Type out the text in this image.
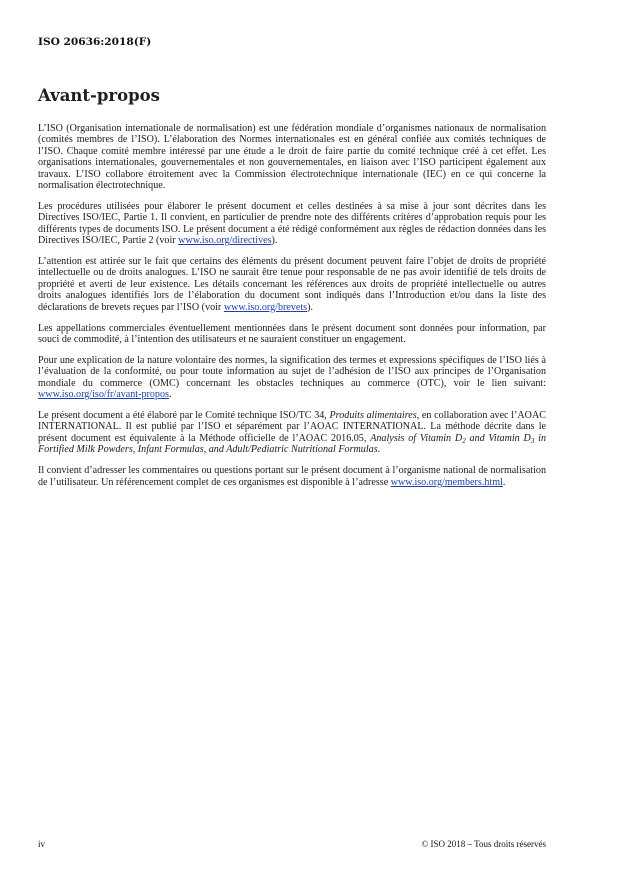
ISO 20636:2018(F)
Avant-propos

L’ISO (Organisation internationale de normalisation) est une fédération mondiale d’organismes nationaux de normalisation (comités membres de l’ISO). L’élaboration des Normes internationales est en général confiée aux comités techniques de l’ISO. Chaque comité membre intéressé par une étude a le droit de faire partie du comité technique créé à cet effet. Les organisations internationales, gouvernementales et non gouvernementales, en liaison avec l’ISO participent également aux travaux. L’ISO collabore étroitement avec la Commission électrotechnique internationale (IEC) en ce qui concerne la normalisation électrotechnique.

Les procédures utilisées pour élaborer le présent document et celles destinées à sa mise à jour sont décrites dans les Directives ISO/IEC, Partie 1. Il convient, en particulier de prendre note des différents critères d’approbation requis pour les différents types de documents ISO. Le présent document a été rédigé conformément aux règles de rédaction données dans les Directives ISO/IEC, Partie 2 (voir www.iso.org/directives).

L’attention est attirée sur le fait que certains des éléments du présent document peuvent faire l’objet de droits de propriété intellectuelle ou de droits analogues. L’ISO ne saurait être tenue pour responsable de ne pas avoir identifié de tels droits de propriété et averti de leur existence. Les détails concernant les références aux droits de propriété intellectuelle ou autres droits analogues identifiés lors de l’élaboration du document sont indiqués dans l’Introduction et/ou dans la liste des déclarations de brevets reçues par l’ISO (voir www.iso.org/brevets).

Les appellations commerciales éventuellement mentionnées dans le présent document sont données pour information, par souci de commodité, à l’intention des utilisateurs et ne sauraient constituer un engagement.

Pour une explication de la nature volontaire des normes, la signification des termes et expressions spécifiques de l’ISO liés à l’évaluation de la conformité, ou pour toute information au sujet de l’adhésion de l’ISO aux principes de l’Organisation mondiale du commerce (OMC) concernant les obstacles techniques au commerce (OTC), voir le lien suivant: www.iso.org/iso/fr/avant-propos.

Le présent document a été élaboré par le Comité technique ISO/TC 34, Produits alimentaires, en collaboration avec l’AOAC INTERNATIONAL. Il est publié par l’ISO et séparément par l’AOAC INTERNATIONAL. La méthode décrite dans le présent document est équivalente à la Méthode officielle de l’AOAC 2016.05, Analysis of Vitamin $D_2$ and Vitamin $D_3$ in Fortified Milk Powders, Infant Formulas, and Adult/Pediatric Nutritional Formulas.

Il convient d’adresser les commentaires ou questions portant sur le présent document à l’organisme national de normalisation de l’utilisateur. Un référencement complet de ces organismes est disponible à l’adresse www.iso.org/members.html.

iv	© ISO 2018 – Tous droits réservés
